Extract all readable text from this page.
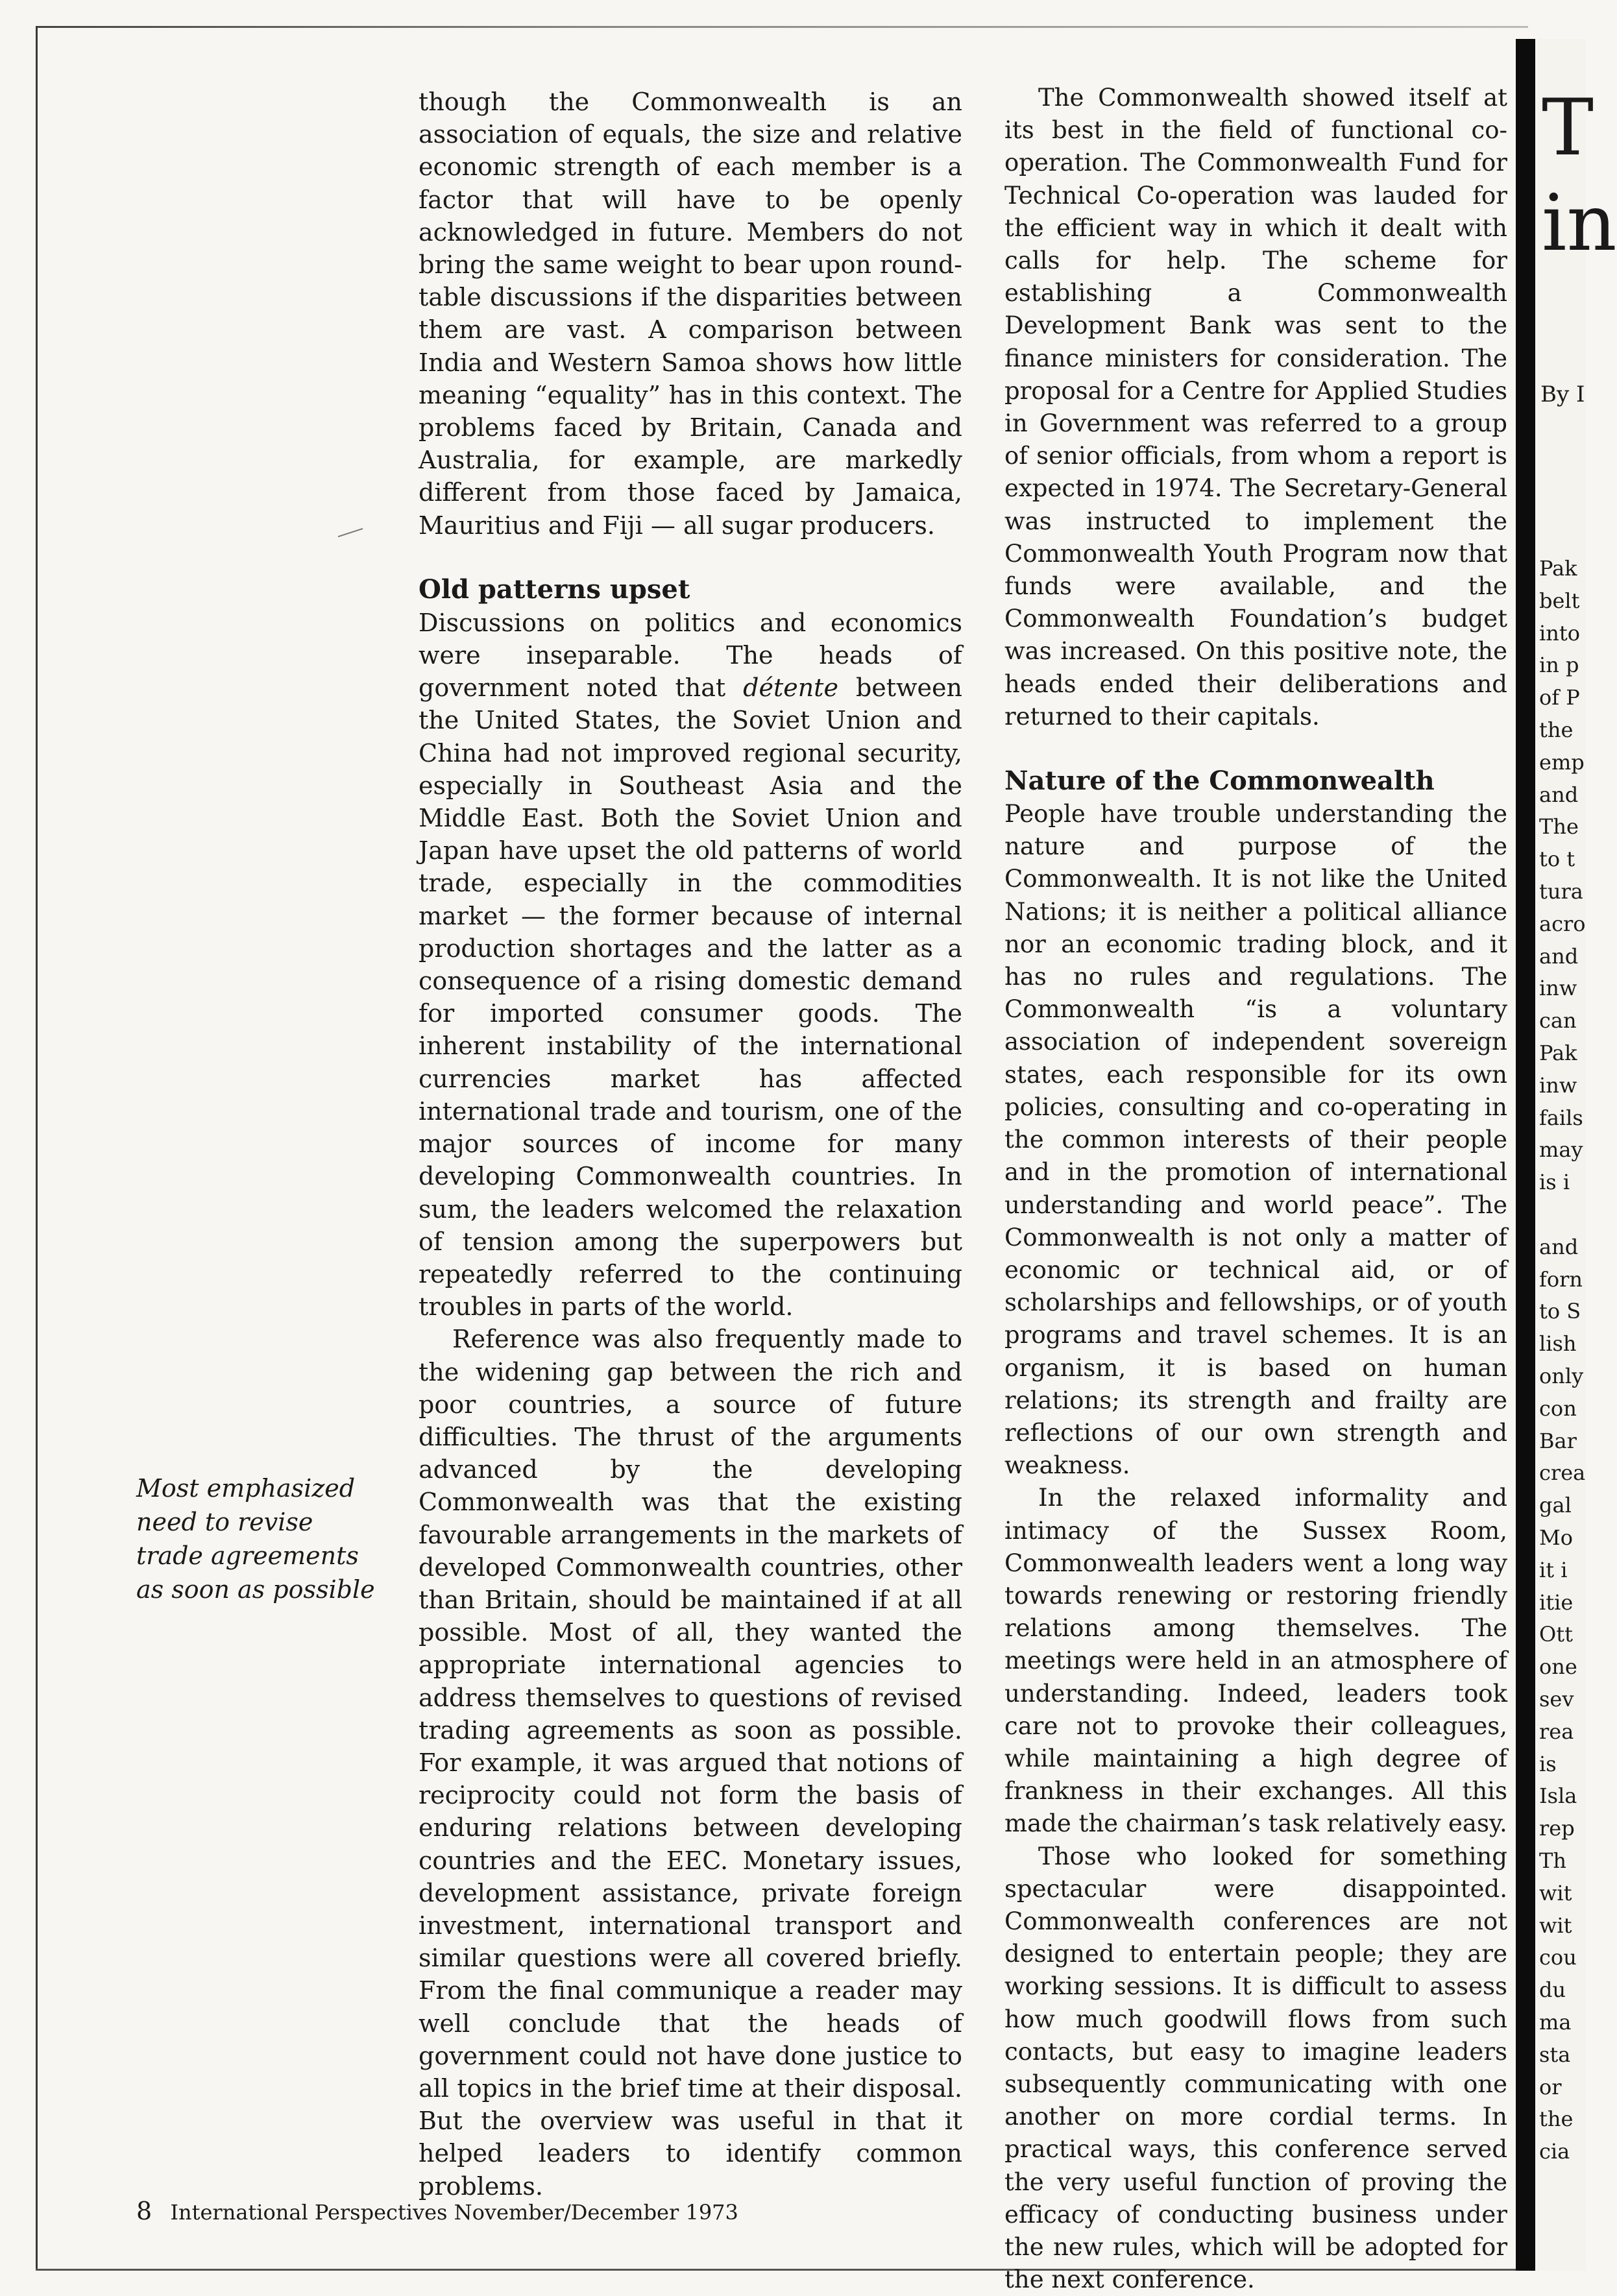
though the Commonwealth is an association of equals, the size and relative economic strength of each member is a factor that will have to be openly acknowledged in future. Members do not bring the same weight to bear upon round-table discussions if the disparities between them are vast. A comparison between India and Western Samoa shows how little meaning “equality” has in this context. The problems faced by Britain, Canada and Australia, for example, are markedly different from those faced by Jamaica, Mauritius and Fiji — all sugar producers.

Old patterns upset

Discussions on politics and economics were inseparable. The heads of government noted that détente between the United States, the Soviet Union and China had not improved regional security, especially in Southeast Asia and the Middle East. Both the Soviet Union and Japan have upset the old patterns of world trade, especially in the commodities market — the former because of internal production shortages and the latter as a consequence of a rising domestic demand for imported consumer goods. The inherent instability of the international currencies market has affected international trade and tourism, one of the major sources of income for many developing Commonwealth countries. In sum, the leaders welcomed the relaxation of tension among the superpowers but repeatedly referred to the continuing troubles in parts of the world.

Reference was also frequently made to the widening gap between the rich and poor countries, a source of future difficulties. The thrust of the arguments advanced by the developing Commonwealth was that the existing favourable arrangements in the markets of developed Commonwealth countries, other than Britain, should be maintained if at all possible. Most of all, they wanted the appropriate international agencies to address themselves to questions of revised trading agreements as soon as possible. For example, it was argued that notions of reciprocity could not form the basis of enduring relations between developing countries and the EEC. Monetary issues, development assistance, private foreign investment, international transport and similar questions were all covered briefly. From the final communique a reader may well conclude that the heads of government could not have done justice to all topics in the brief time at their disposal. But the overview was useful in that it helped leaders to identify common problems.

Most emphasized
need to revise
trade agreements
as soon as possible

The Commonwealth showed itself at its best in the field of functional co-operation. The Commonwealth Fund for Technical Co-operation was lauded for the efficient way in which it dealt with calls for help. The scheme for establishing a Commonwealth Development Bank was sent to the finance ministers for consideration. The proposal for a Centre for Applied Studies in Government was referred to a group of senior officials, from whom a report is expected in 1974. The Secretary-General was instructed to implement the Commonwealth Youth Program now that funds were available, and the Commonwealth Foundation’s budget was increased. On this positive note, the heads ended their deliberations and returned to their capitals.

Nature of the Commonwealth

People have trouble understanding the nature and purpose of the Commonwealth. It is not like the United Nations; it is neither a political alliance nor an economic trading block, and it has no rules and regulations. The Commonwealth “is a voluntary association of independent sovereign states, each responsible for its own policies, consulting and co-operating in the common interests of their people and in the promotion of international understanding and world peace”. The Commonwealth is not only a matter of economic or technical aid, or of scholarships and fellowships, or of youth programs and travel schemes. It is an organism, it is based on human relations; its strength and frailty are reflections of our own strength and weakness.

In the relaxed informality and intimacy of the Sussex Room, Commonwealth leaders went a long way towards renewing or restoring friendly relations among themselves. The meetings were held in an atmosphere of understanding. Indeed, leaders took care not to provoke their colleagues, while maintaining a high degree of frankness in their exchanges. All this made the chairman’s task relatively easy.

Those who looked for something spectacular were disappointed. Commonwealth conferences are not designed to entertain people; they are working sessions. It is difficult to assess how much goodwill flows from such contacts, but easy to imagine leaders subsequently communicating with one another on more cordial terms. In practical ways, this conference served the very useful function of proving the efficacy of conducting business under the new rules, which will be adopted for the next conference.

8 International Perspectives November/December 1973
T
in
By I
Pak
belt
into
in p
of P
the
emp
and
The
to t
tura
acro
and
inw
can
Pak
inw
fails
may
is i
and
forn
to S
lish
only
con
Bar
crea
gal
Mo
it i
itie
Ott
one
sev
rea
is
Isla
rep
Th
wit
wit
cou
du
ma
sta
or
the
cia
